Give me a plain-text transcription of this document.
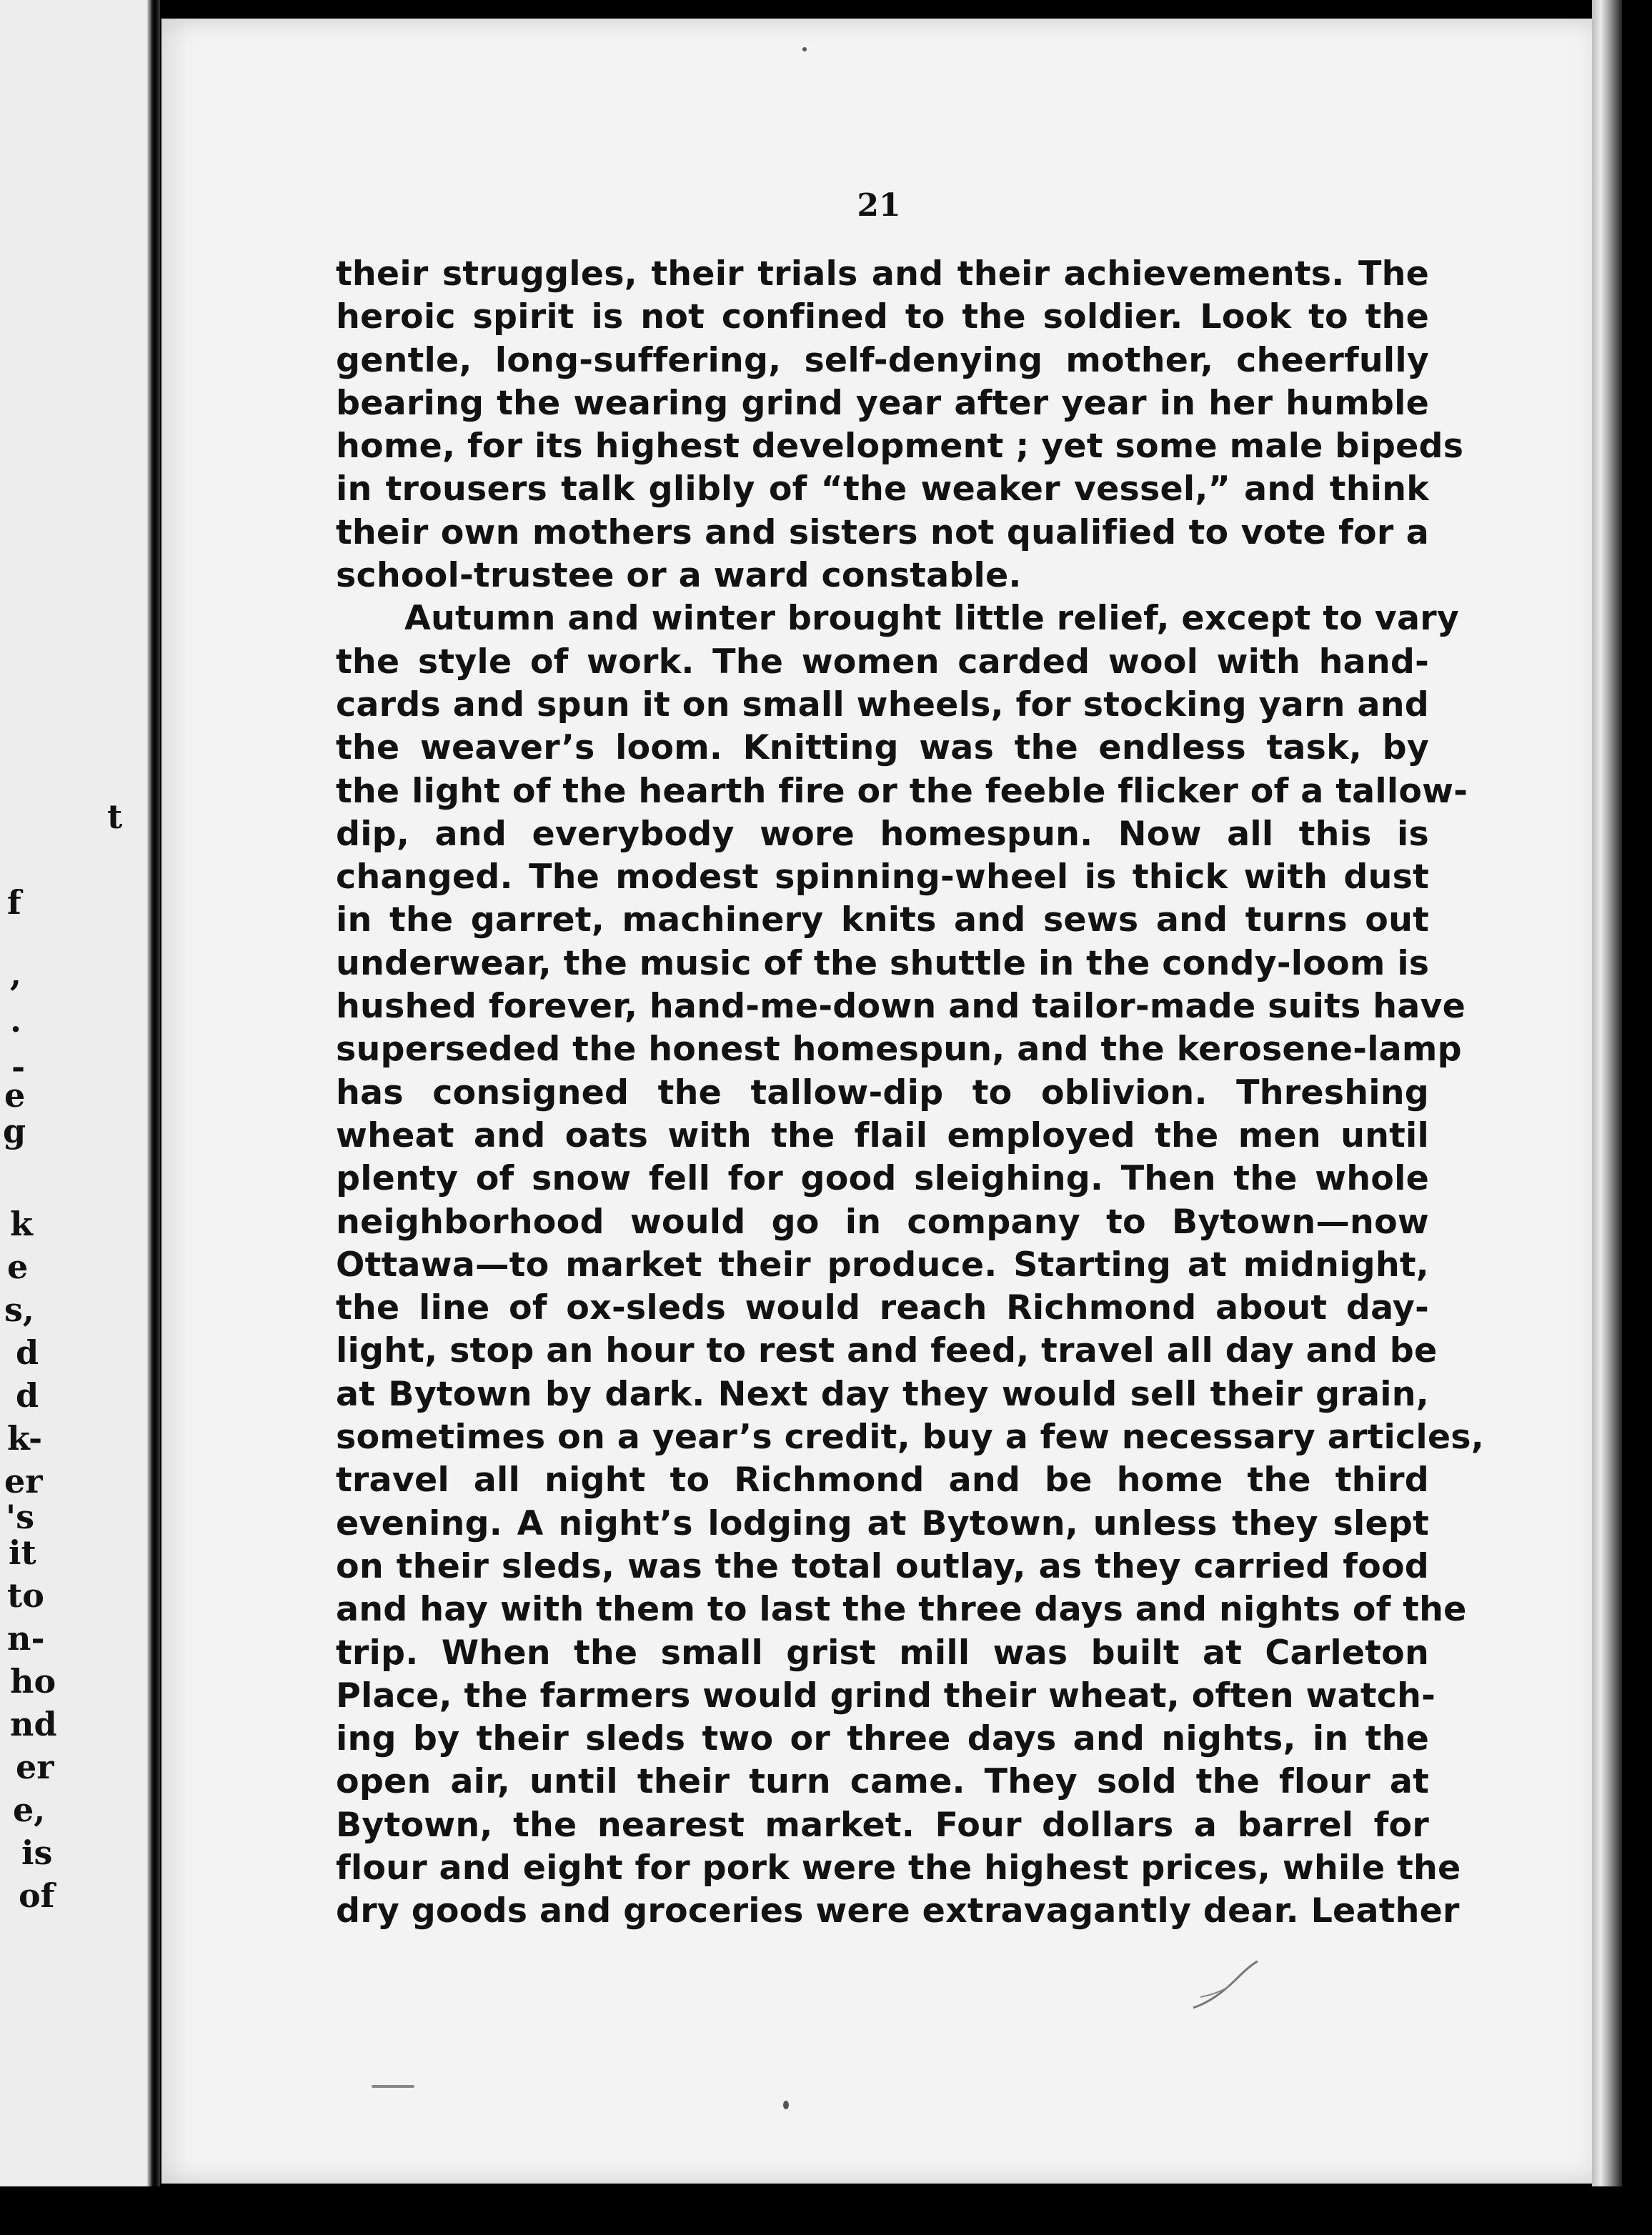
t
f
,
.
-
e
g
k
e
s,
d
d
k-
er
's
it
to
n-
ho
nd
er
e,
is
of
21
their struggles, their trials and their achievements. The
heroic spirit is not confined to the soldier. Look to the
gentle, long-suffering, self-denying mother, cheerfully
bearing the wearing grind year after year in her humble
home, for its highest development ; yet some male bipeds
in trousers talk glibly of “the weaker vessel,” and think
their own mothers and sisters not qualified to vote for a
school-trustee or a ward constable.
Autumn and winter brought little relief, except to vary
the style of work. The women carded wool with hand-
cards and spun it on small wheels, for stocking yarn and
the weaver’s loom. Knitting was the endless task, by
the light of the hearth fire or the feeble flicker of a tallow-
dip, and everybody wore homespun. Now all this is
changed. The modest spinning-wheel is thick with dust
in the garret, machinery knits and sews and turns out
underwear, the music of the shuttle in the condy-loom is
hushed forever, hand-me-down and tailor-made suits have
superseded the honest homespun, and the kerosene-lamp
has consigned the tallow-dip to oblivion. Threshing
wheat and oats with the flail employed the men until
plenty of snow fell for good sleighing. Then the whole
neighborhood would go in company to Bytown—now
Ottawa—to market their produce. Starting at midnight,
the line of ox-sleds would reach Richmond about day-
light, stop an hour to rest and feed, travel all day and be
at Bytown by dark. Next day they would sell their grain,
sometimes on a year’s credit, buy a few necessary articles,
travel all night to Richmond and be home the third
evening. A night’s lodging at Bytown, unless they slept
on their sleds, was the total outlay, as they carried food
and hay with them to last the three days and nights of the
trip. When the small grist mill was built at Carleton
Place, the farmers would grind their wheat, often watch-
ing by their sleds two or three days and nights, in the
open air, until their turn came. They sold the flour at
Bytown, the nearest market. Four dollars a barrel for
flour and eight for pork were the highest prices, while the
dry goods and groceries were extravagantly dear. Leather
